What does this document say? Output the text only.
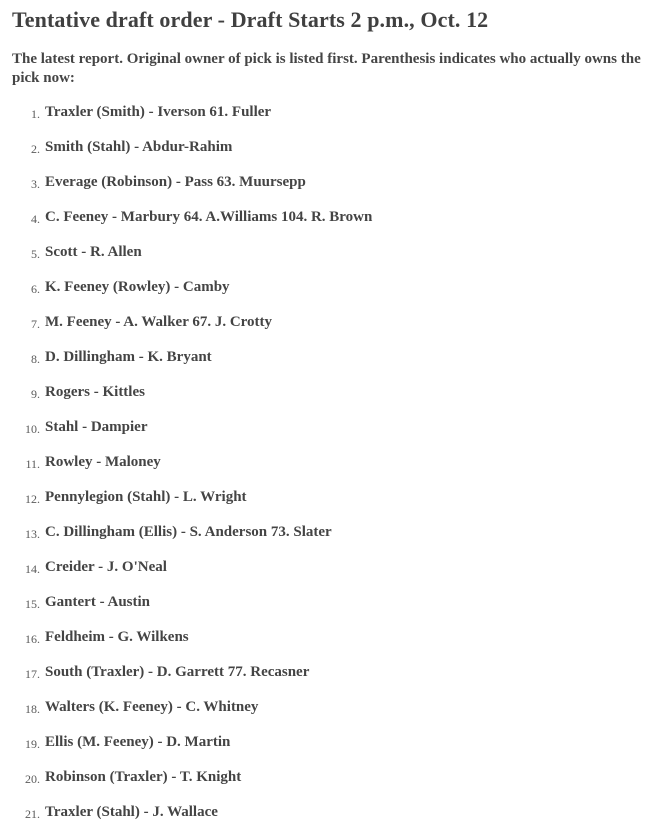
Tentative draft order - Draft Starts 2 p.m., Oct. 12

The latest report. Original owner of pick is listed first. Parenthesis indicates who actually owns the pick now:

1. Traxler (Smith) - Iverson 61. Fuller
2. Smith (Stahl) - Abdur-Rahim
3. Everage (Robinson) - Pass 63. Muursepp
4. C. Feeney - Marbury 64. A.Williams 104. R. Brown
5. Scott - R. Allen
6. K. Feeney (Rowley) - Camby
7. M. Feeney - A. Walker 67. J. Crotty
8. D. Dillingham - K. Bryant
9. Rogers - Kittles
10. Stahl - Dampier
11. Rowley - Maloney
12. Pennylegion (Stahl) - L. Wright
13. C. Dillingham (Ellis) - S. Anderson 73. Slater
14. Creider - J. O'Neal
15. Gantert - Austin
16. Feldheim - G. Wilkens
17. South (Traxler) - D. Garrett 77. Recasner
18. Walters (K. Feeney) - C. Whitney
19. Ellis (M. Feeney) - D. Martin
20. Robinson (Traxler) - T. Knight
21. Traxler (Stahl) - J. Wallace
